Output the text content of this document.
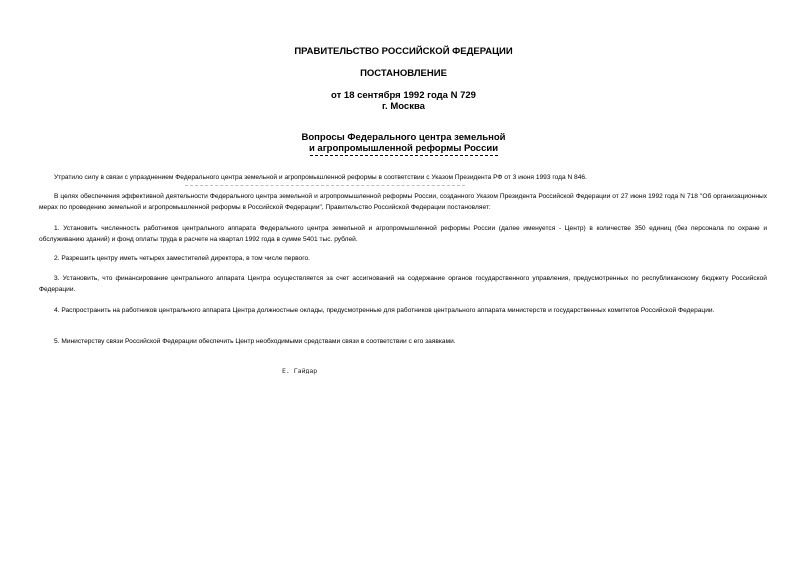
ПРАВИТЕЛЬСТВО РОССИЙСКОЙ ФЕДЕРАЦИИ
ПОСТАНОВЛЕНИЕ
от 18 сентября 1992 года N 729
г. Москва
Вопросы Федерального центра земельной
и агропромышленной реформы России
Утратило силу в связи с упразднением Федерального центра земельной и агропромышленной реформы в соответствии с Указом Президента РФ от 3 июня 1993 года N 846.
В целях обеспечения эффективной деятельности Федерального центра земельной и агропромышленной реформы России, созданного Указом Президента Российской Федерации от 27 июня 1992 года N 718 "Об организационных мерах по проведению земельной и агропромышленной реформы в Российской Федерации", Правительство Российской Федерации постановляет:
1. Установить численность работников центрального аппарата Федерального центра земельной и агропромышленной реформы России (далее именуется - Центр) в количестве 350 единиц (без персонала по охране и обслуживанию зданий) и фонд оплаты труда в расчете на квартал 1992 года в сумме 5401 тыс. рублей.
2. Разрешить центру иметь четырех заместителей директора, в том числе первого.
3. Установить, что финансирование центрального аппарата Центра осуществляется за счет ассигнований на содержание органов государственного управления, предусмотренных по республиканскому бюджету Российской Федерации.
4. Распространить на работников центрального аппарата Центра должностные оклады, предусмотренные для работников центрального аппарата министерств и государственных комитетов Российской Федерации.
5. Министерству связи Российской Федерации обеспечить Центр необходимыми средствами связи в соответствии с его заявками.
Е. Гайдар
